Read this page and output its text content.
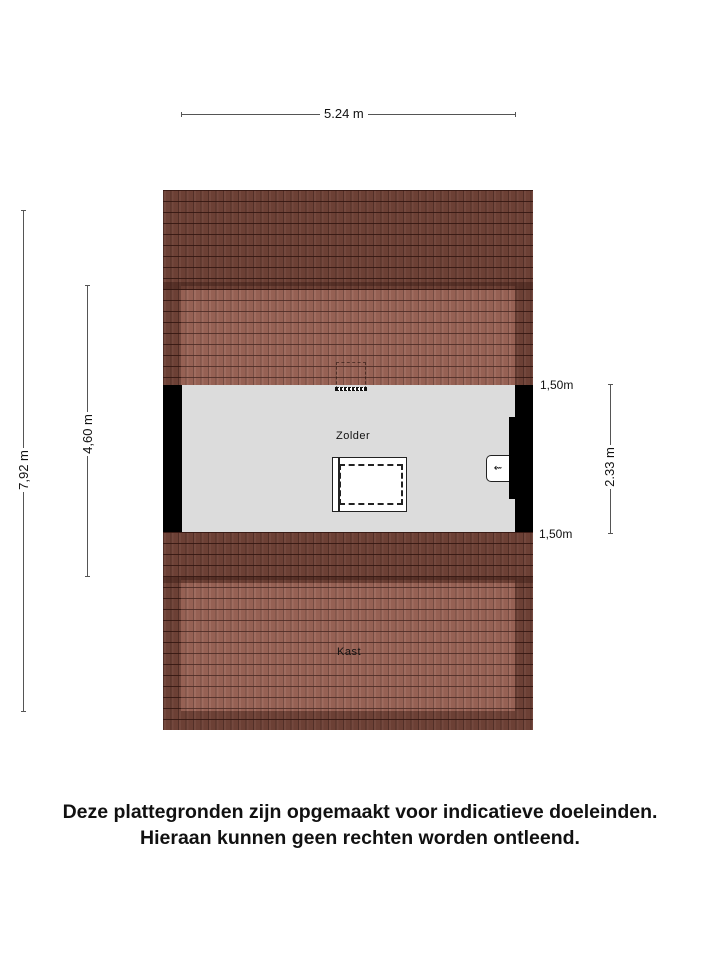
5.24 m
7,92 m
4,60 m
2.33 m
1,50m
1,50m
⇜
Zolder
Kast
Deze plattegronden zijn opgemaakt voor indicatieve doeleinden.
Hieraan kunnen geen rechten worden ontleend.
